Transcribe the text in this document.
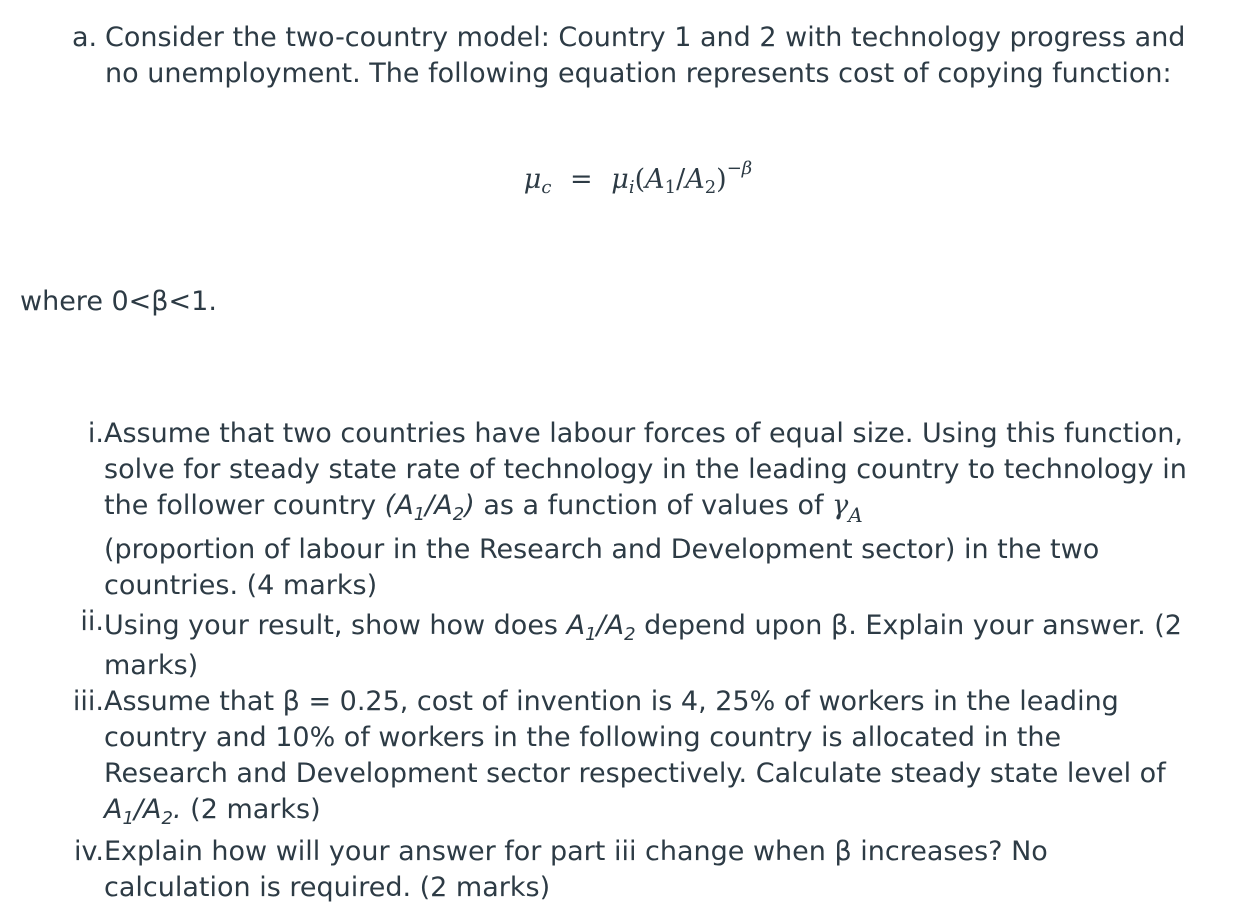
a. Consider the two-country model: Country 1 and 2 with technology progress and no unemployment. The following equation represents cost of copying function:
$\mu_c = \mu_i(A_1/A_2)^{-\beta}$
where 0<β<1.
i. Assume that two countries have labour forces of equal size. Using this function, solve for steady state rate of technology in the leading country to technology in the follower country $(A_1/A_2)$ as a function of values of $\gamma_A$
(proportion of labour in the Research and Development sector) in the two countries. (4 marks)
ii. Using your result, show how does $A_1/A_2$ depend upon β. Explain your answer. (2 marks)
iii. Assume that β = 0.25, cost of invention is 4, 25% of workers in the leading country and 10% of workers in the following country is allocated in the Research and Development sector respectively. Calculate steady state level of $A_1/A_2$. (2 marks)
iv. Explain how will your answer for part iii change when β increases? No calculation is required. (2 marks)
